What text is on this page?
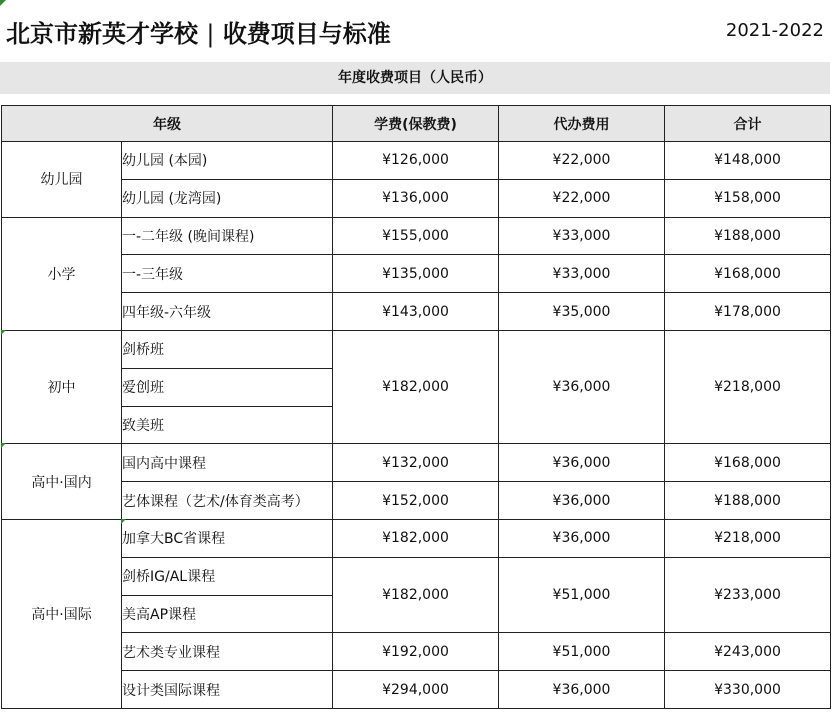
北京市新英才学校 | 收费项目与标准	2021-2022
年度收费项目（人民币）
年级		学费(保教费)	代办费用	合计
幼儿园	幼儿园 (本园)	¥126,000	¥22,000	¥148,000
	幼儿园 (龙湾园)	¥136,000	¥22,000	¥158,000
小学	一-二年级 (晚间课程)	¥155,000	¥33,000	¥188,000
	一-三年级	¥135,000	¥33,000	¥168,000
	四年级-六年级	¥143,000	¥35,000	¥178,000
初中	剑桥班	¥182,000	¥36,000	¥218,000
	爱创班			
	致美班			
高中·国内	国内高中课程	¥132,000	¥36,000	¥168,000
	艺体课程（艺术/体育类高考）	¥152,000	¥36,000	¥188,000
高中·国际	加拿大BC省课程	¥182,000	¥36,000	¥218,000
	剑桥IG/AL课程	¥182,000	¥51,000	¥233,000
	美高AP课程			
	艺术类专业课程	¥192,000	¥51,000	¥243,000
	设计类国际课程	¥294,000	¥36,000	¥330,000
